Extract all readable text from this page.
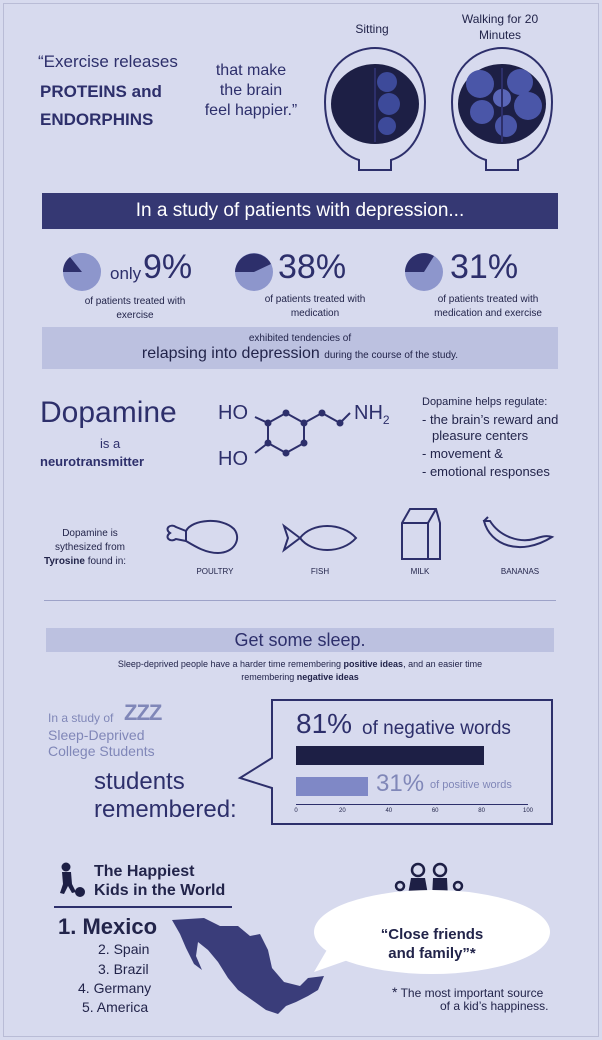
“Exercise releases
PROTEINS and
ENDORPHINS
that make
the brain
feel happier.”
Sitting
Walking for 20
Minutes
In a study of patients with depression...
only 9%
of patients treated with
exercise
38%
of patients treated with
medication
31%
of patients treated with
medication and exercise
exhibited tendencies of
relapsing into depression during the course of the study.
Dopamine
is a
neurotransmitter
HO
HO
$NH_2$
Dopamine helps regulate:
- the brain’s reward and
pleasure centers
- movement &
- emotional responses
Dopamine is
sythesized from
Tyrosine found in:
POULTRY	FISH	MILK	BANANAS
Get some sleep.
Sleep-deprived people have a harder time remembering positive ideas, and an easier time
remembering negative ideas
In a study of ZZZ
Sleep-Deprived
College Students
students
remembered:
81% of negative words
31% of positive words
0	20	40	60	80	100
The Happiest
Kids in the World
1. Mexico
2. Spain
3. Brazil
4. Germany
5. America
“Close friends
and family”*
* The most important source
of a kid’s happiness.
